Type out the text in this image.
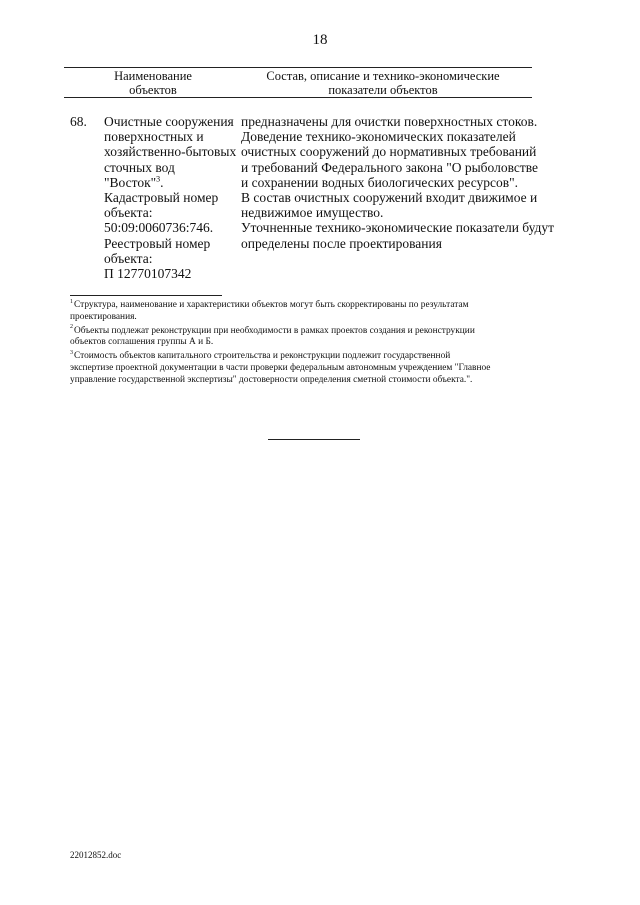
18
Наименование
объектов
Состав, описание и технико-экономические
показатели объектов
68. Очистные сооружения
поверхностных и
хозяйственно-бытовых
сточных вод
"Восток"$^3$.
Кадастровый номер
объекта:
50:09:0060736:746.
Реестровый номер
объекта:
П 12770107342
предназначены для очистки поверхностных стоков.
Доведение технико-экономических показателей
очистных сооружений до нормативных требований
и требований Федерального закона "О рыболовстве
и сохранении водных биологических ресурсов".
В состав очистных сооружений входит движимое и
недвижимое имущество.
Уточненные технико-экономические показатели будут
определены после проектирования
$^1$Структура, наименование и характеристики объектов могут быть скорректированы по результатам
проектирования.
$^2$Объекты подлежат реконструкции при необходимости в рамках проектов создания и реконструкции
объектов соглашения группы А и Б.
$^3$Стоимость объектов капитального строительства и реконструкции подлежит государственной
экспертизе проектной документации в части проверки федеральным автономным учреждением "Главное
управление государственной экспертизы" достоверности определения сметной стоимости объекта.".
22012852.doc
